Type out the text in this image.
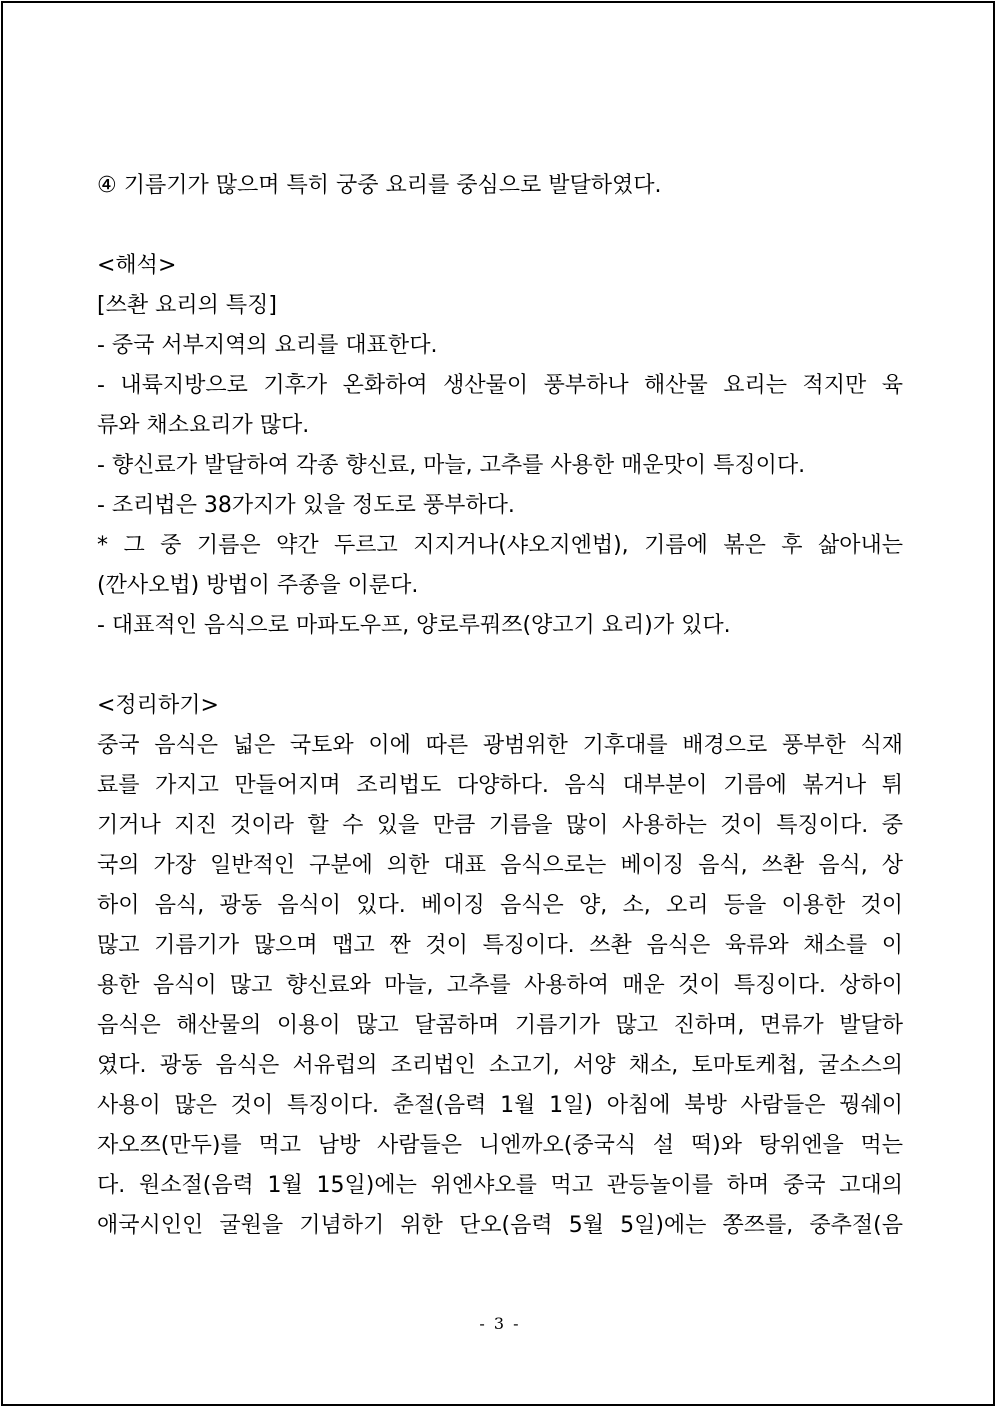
④ 기름기가 많으며 특히 궁중 요리를 중심으로 발달하였다.
<해석>
[쓰촨 요리의 특징]
- 중국 서부지역의 요리를 대표한다.
- 내륙지방으로 기후가 온화하여 생산물이 풍부하나 해산물 요리는 적지만 육
류와 채소요리가 많다.
- 향신료가 발달하여 각종 향신료, 마늘, 고추를 사용한 매운맛이 특징이다.
- 조리법은 38가지가 있을 정도로 풍부하다.
* 그 중 기름은 약간 두르고 지지거나(샤오지엔법), 기름에 볶은 후 삶아내는
(깐사오법) 방법이 주종을 이룬다.
- 대표적인 음식으로 마파도우프, 양로루꿔쯔(양고기 요리)가 있다.
<정리하기>
중국 음식은 넓은 국토와 이에 따른 광범위한 기후대를 배경으로 풍부한 식재
료를 가지고 만들어지며 조리법도 다양하다. 음식 대부분이 기름에 볶거나 튀
기거나 지진 것이라 할 수 있을 만큼 기름을 많이 사용하는 것이 특징이다. 중
국의 가장 일반적인 구분에 의한 대표 음식으로는 베이징 음식, 쓰촨 음식, 상
하이 음식, 광동 음식이 있다. 베이징 음식은 양, 소, 오리 등을 이용한 것이
많고 기름기가 많으며 맵고 짠 것이 특징이다. 쓰촨 음식은 육류와 채소를 이
용한 음식이 많고 향신료와 마늘, 고추를 사용하여 매운 것이 특징이다. 상하이
음식은 해산물의 이용이 많고 달콤하며 기름기가 많고 진하며, 면류가 발달하
였다. 광동 음식은 서유럽의 조리법인 소고기, 서양 채소, 토마토케첩, 굴소스의
사용이 많은 것이 특징이다. 춘절(음력 1월 1일) 아침에 북방 사람들은 꿩쉐이
자오쯔(만두)를 먹고 남방 사람들은 니엔까오(중국식 설 떡)와 탕위엔을 먹는
다. 원소절(음력 1월 15일)에는 위엔샤오를 먹고 관등놀이를 하며 중국 고대의
애국시인인 굴원을 기념하기 위한 단오(음력 5월 5일)에는 쫑쯔를, 중추절(음
- 3 -
